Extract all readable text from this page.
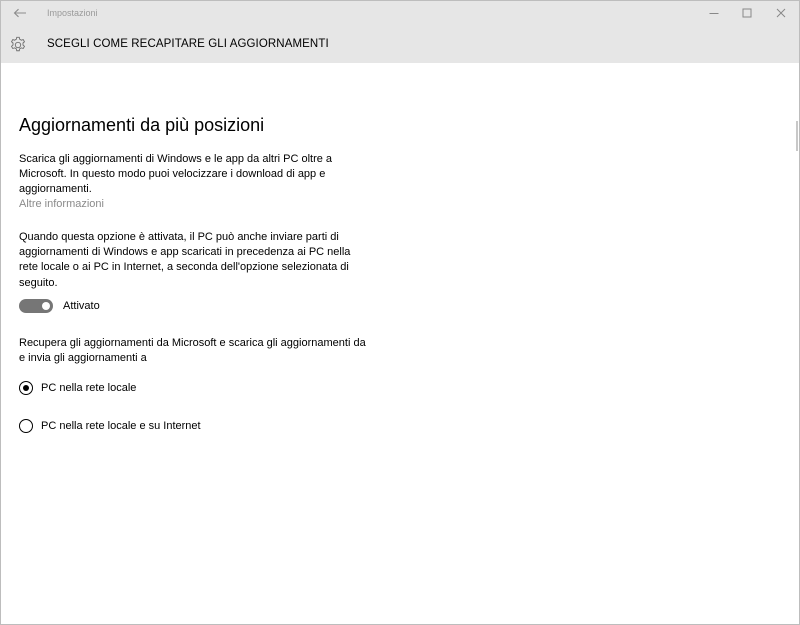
Impostazioni
SCEGLI COME RECAPITARE GLI AGGIORNAMENTI
Aggiornamenti da più posizioni

Scarica gli aggiornamenti di Windows e le app da altri PC oltre a Microsoft. In questo modo puoi velocizzare i download di app e aggiornamenti.

Altre informazioni

Quando questa opzione è attivata, il PC può anche inviare parti di aggiornamenti di Windows e app scaricati in precedenza ai PC nella rete locale o ai PC in Internet, a seconda dell'opzione selezionata di seguito.

Attivato

Recupera gli aggiornamenti da Microsoft e scarica gli aggiornamenti da e invia gli aggiornamenti a

PC nella rete locale
PC nella rete locale e su Internet
